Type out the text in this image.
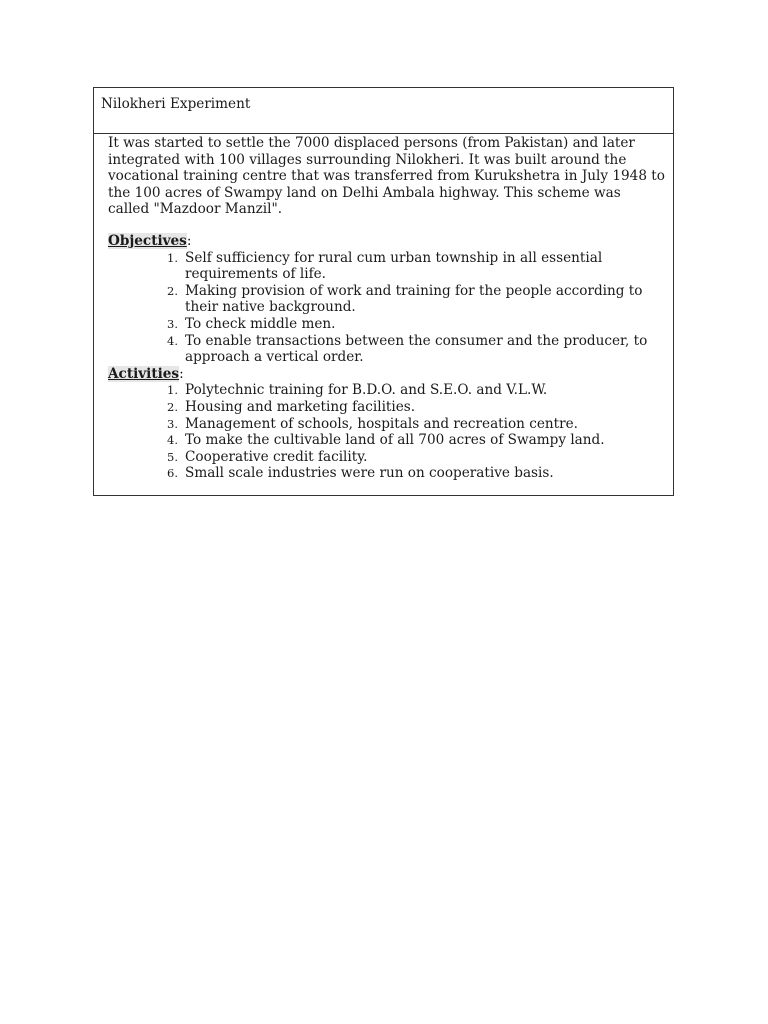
Nilokheri Experiment

It was started to settle the 7000 displaced persons (from Pakistan) and later integrated with 100 villages surrounding Nilokheri. It was built around the vocational training centre that was transferred from Kurukshetra in July 1948 to the 100 acres of Swampy land on Delhi Ambala highway. This scheme was called "Mazdoor Manzil".

Objectives:
1. Self sufficiency for rural cum urban township in all essential requirements of life.
2. Making provision of work and training for the people according to their native background.
3. To check middle men.
4. To enable transactions between the consumer and the producer, to approach a vertical order.
Activities:
1. Polytechnic training for B.D.O. and S.E.O. and V.L.W.
2. Housing and marketing facilities.
3. Management of schools, hospitals and recreation centre.
4. To make the cultivable land of all 700 acres of Swampy land.
5. Cooperative credit facility.
6. Small scale industries were run on cooperative basis.
